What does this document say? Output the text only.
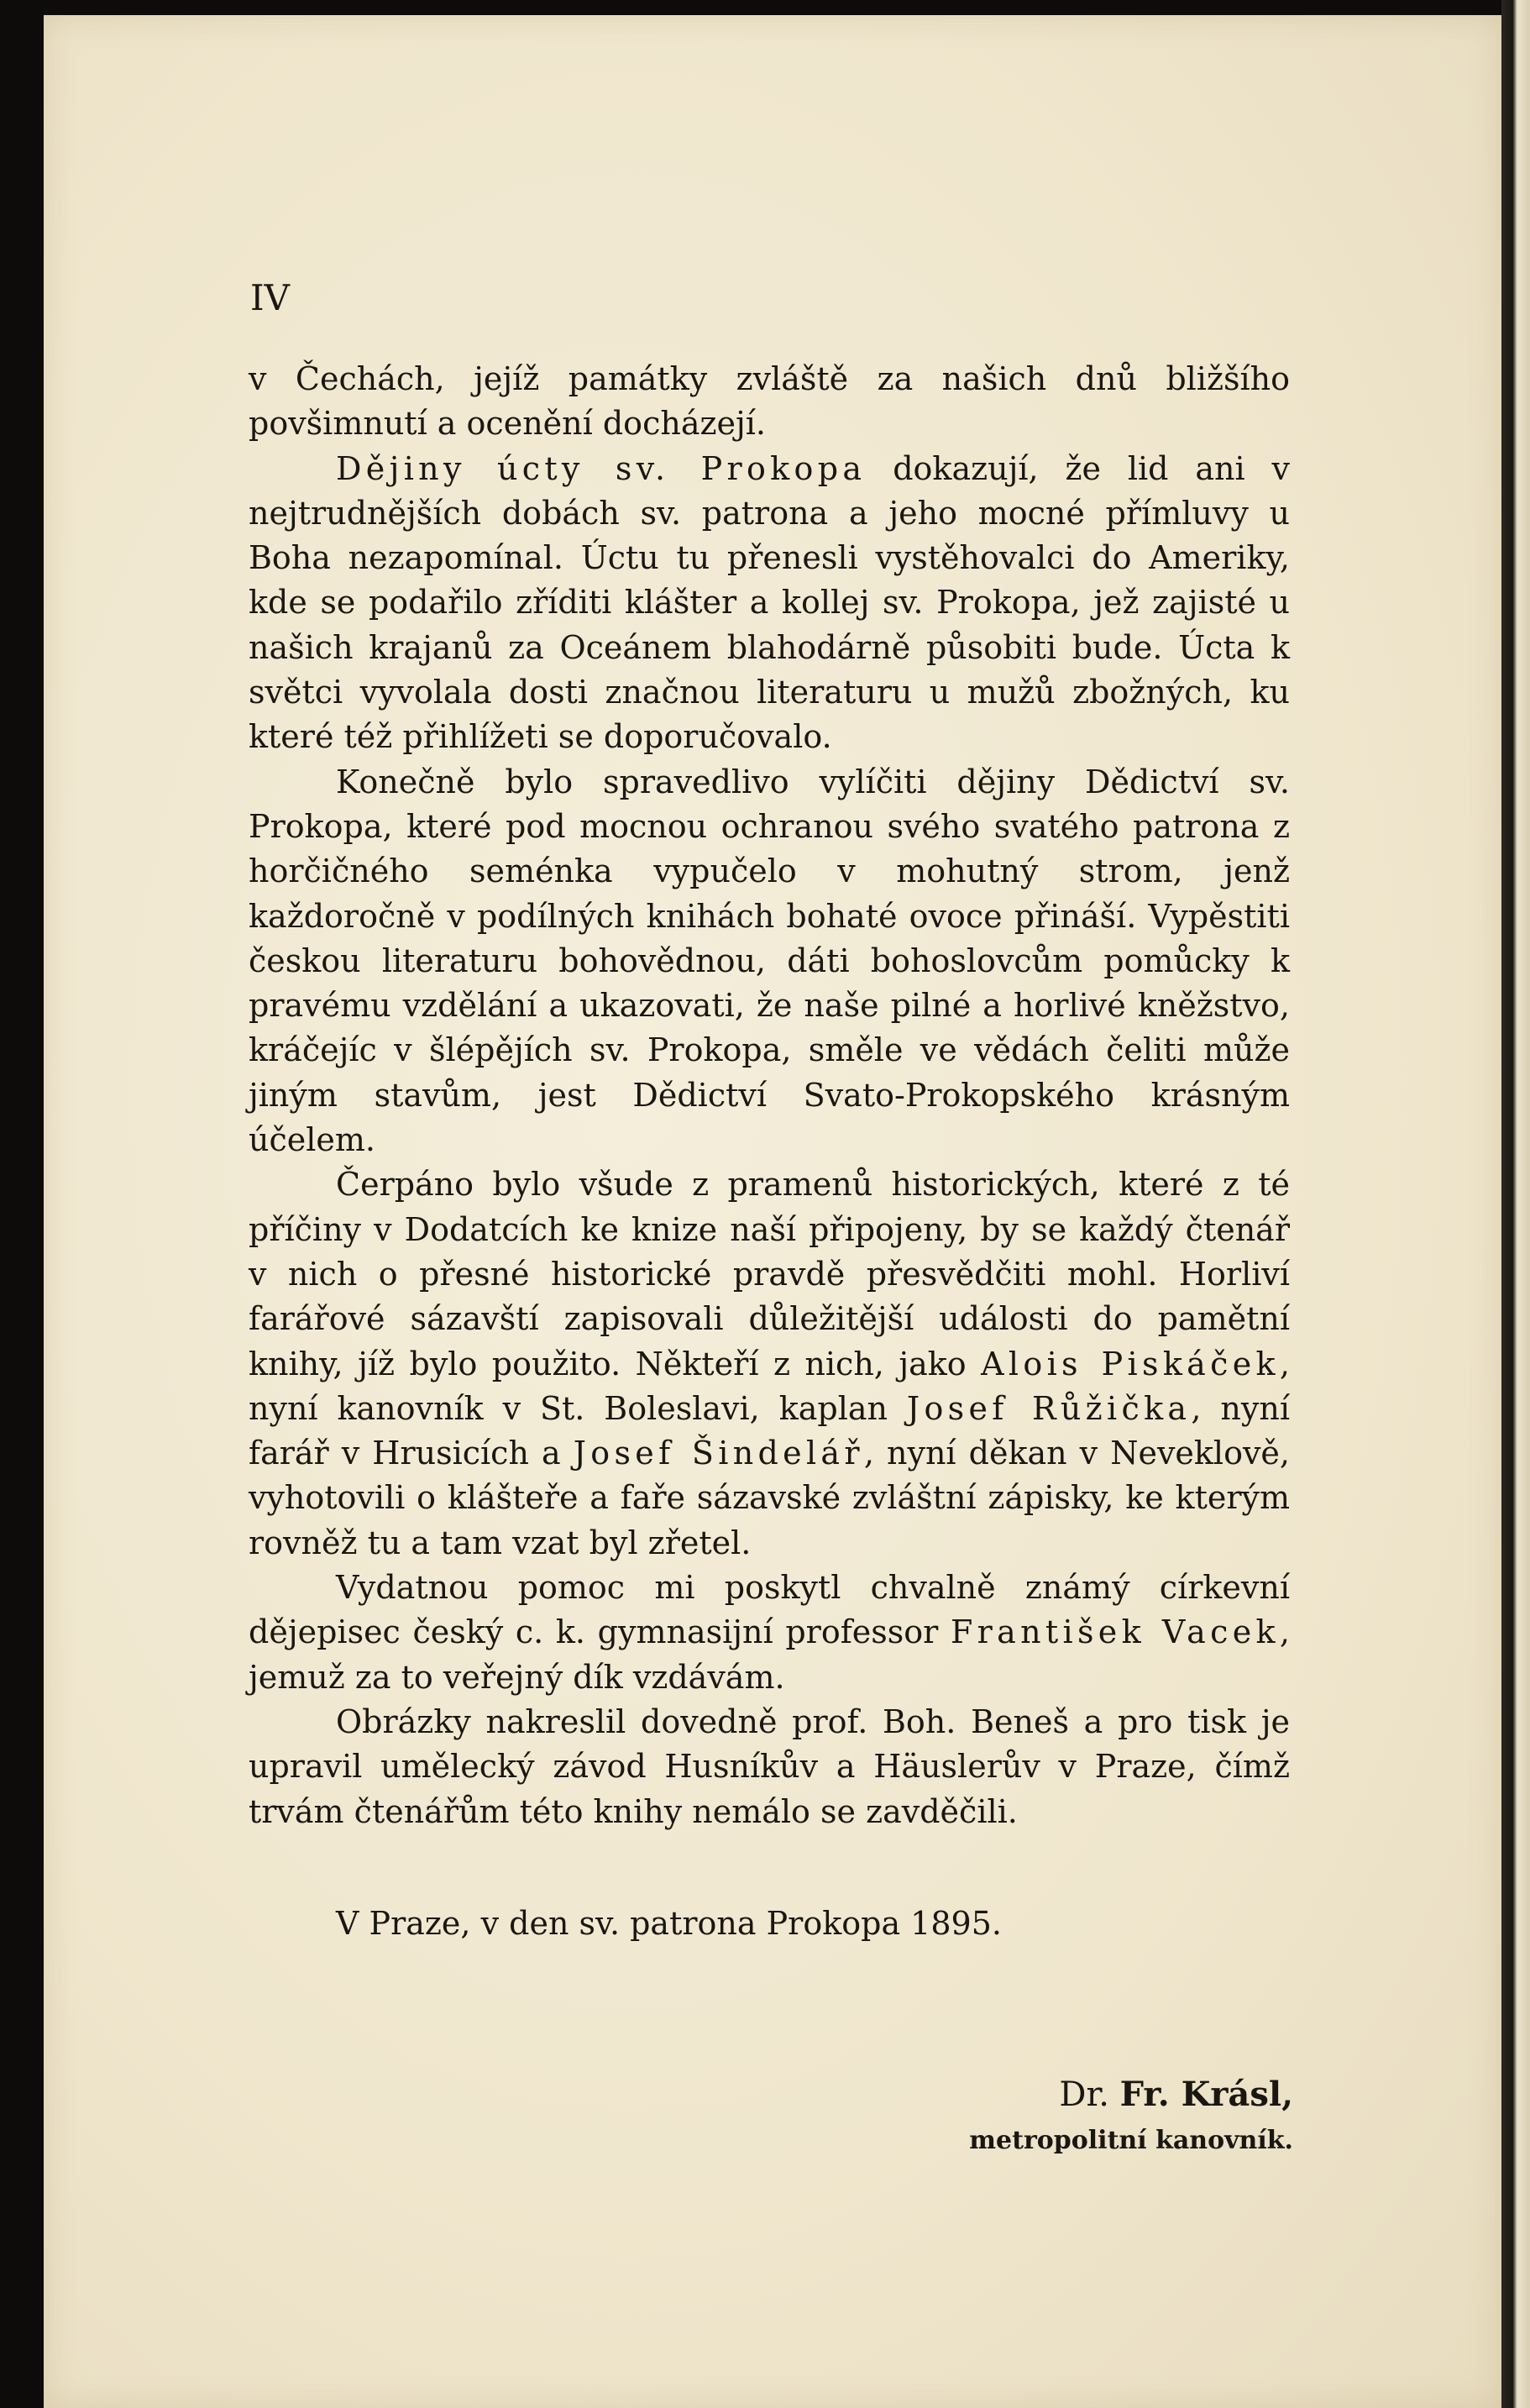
IV

v Čechách, jejíž památky zvláště za našich dnů bližšího povšimnutí a ocenění docházejí.

Dějiny úcty sv. Prokopa dokazují, že lid ani v nejtrudnějších dobách sv. patrona a jeho mocné přímluvy u Boha nezapomínal. Úctu tu přenesli vystěhovalci do Ameriky, kde se podařilo zříditi klášter a kollej sv. Prokopa, jež zajisté u našich krajanů za Oceánem blahodárně působiti bude. Úcta k světci vyvolala dosti značnou literaturu u mužů zbožných, ku které též přihlížeti se doporučovalo.

Konečně bylo spravedlivo vylíčiti dějiny Dědictví sv. Prokopa, které pod mocnou ochranou svého svatého patrona z horčičného seménka vypučelo v mohutný strom, jenž každoročně v podílných knihách bohaté ovoce přináší. Vypěstiti českou literaturu bohovědnou, dáti bohoslovcům pomůcky k pravému vzdělání a ukazovati, že naše pilné a horlivé kněžstvo, kráčejíc v šlépějích sv. Prokopa, směle ve vědách čeliti může jiným stavům, jest Dědictví Svato-Prokopského krásným účelem.

Čerpáno bylo všude z pramenů historických, které z té příčiny v Dodatcích ke knize naší připojeny, by se každý čtenář v nich o přesné historické pravdě přesvědčiti mohl. Horliví farářové sázavští zapisovali důležitější události do pamětní knihy, jíž bylo použito. Někteří z nich, jako Alois Piskáček, nyní kanovník v St. Boleslavi, kaplan Josef Růžička, nyní farář v Hrusicích a Josef Šindelář, nyní děkan v Neveklově, vyhotovili o klášteře a faře sázavské zvláštní zápisky, ke kterým rovněž tu a tam vzat byl zřetel.

Vydatnou pomoc mi poskytl chvalně známý církevní dějepisec český c. k. gymnasijní professor František Vacek, jemuž za to veřejný dík vzdávám.

Obrázky nakreslil dovedně prof. Boh. Beneš a pro tisk je upravil umělecký závod Husníkův a Häuslerův v Praze, čímž trvám čtenářům této knihy nemálo se zavděčili.

V Praze, v den sv. patrona Prokopa 1895.
Dr. Fr. Krásl,
metropolitní kanovník.
